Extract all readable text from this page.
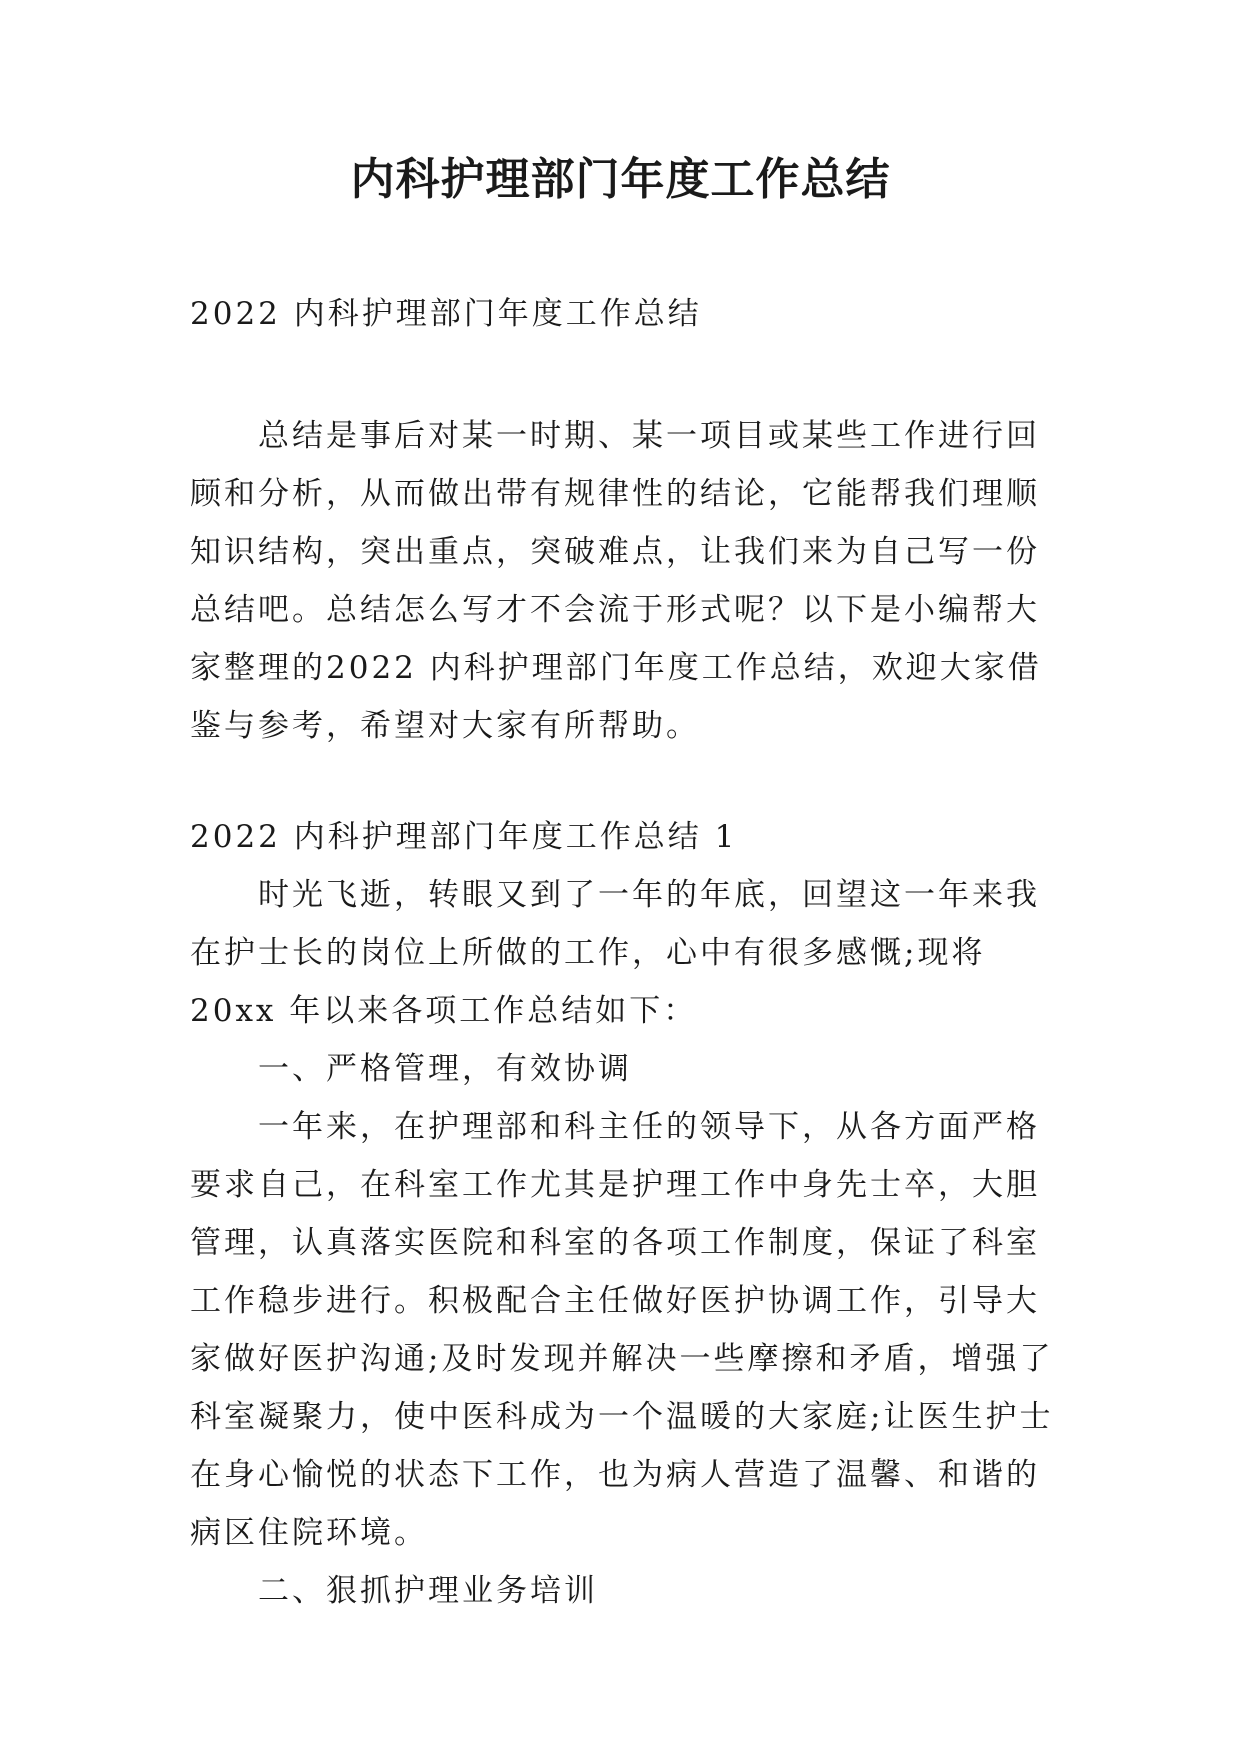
内科护理部门年度工作总结

2022 内科护理部门年度工作总结

总结是事后对某一时期、某一项目或某些工作进行回顾和分析，从而做出带有规律性的结论，它能帮我们理顺知识结构，突出重点，突破难点，让我们来为自己写一份总结吧。总结怎么写才不会流于形式呢？以下是小编帮大家整理的2022 内科护理部门年度工作总结，欢迎大家借鉴与参考，希望对大家有所帮助。

2022 内科护理部门年度工作总结 1

时光飞逝，转眼又到了一年的年底，回望这一年来我在护士长的岗位上所做的工作，心中有很多感慨;现将 20xx 年以来各项工作总结如下：

一、严格管理，有效协调

一年来，在护理部和科主任的领导下，从各方面严格要求自己，在科室工作尤其是护理工作中身先士卒，大胆管理，认真落实医院和科室的各项工作制度，保证了科室工作稳步进行。积极配合主任做好医护协调工作，引导大家做好医护沟通;及时发现并解决一些摩擦和矛盾，增强了科室凝聚力，使中医科成为一个温暖的大家庭;让医生护士在身心愉悦的状态下工作，也为病人营造了温馨、和谐的病区住院环境。

二、狠抓护理业务培训
